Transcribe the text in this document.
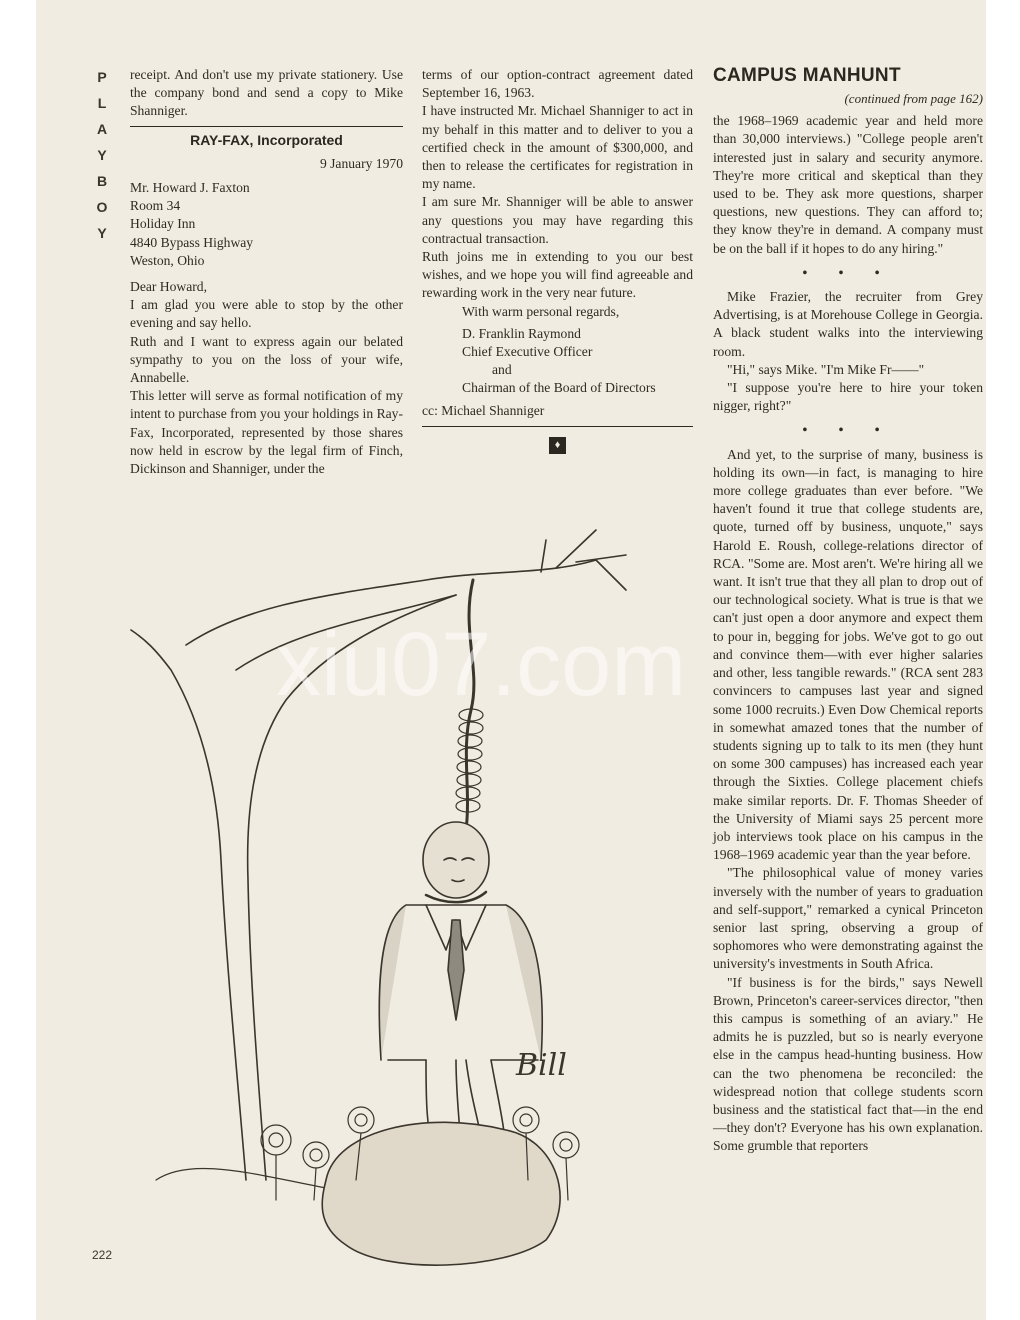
P
L
A
Y
B
O
Y

receipt. And don't use my private stationery. Use the company bond and send a copy to Mike Shanniger.

RAY-FAX, Incorporated
9 January 1970

Mr. Howard J. Faxton

Room 34

Holiday Inn

4840 Bypass Highway

Weston, Ohio

Dear Howard,

I am glad you were able to stop by the other evening and say hello.

Ruth and I want to express again our belated sympathy to you on the loss of your wife, Annabelle.

This letter will serve as formal notification of my intent to purchase from you your holdings in Ray-Fax, Incorporated, represented by those shares now held in escrow by the legal firm of Finch, Dickinson and Shanniger, under the

terms of our option-contract agreement dated September 16, 1963.

I have instructed Mr. Michael Shanniger to act in my behalf in this matter and to deliver to you a certified check in the amount of $300,000, and then to release the certificates for registration in my name.

I am sure Mr. Shanniger will be able to answer any questions you may have regarding this contractual transaction.

Ruth joins me in extending to you our best wishes, and we hope you will find agreeable and rewarding work in the very near future.

With warm personal regards,

D. Franklin Raymond

Chief Executive Officer

and

Chairman of the Board of Directors

cc: Michael Shanniger

♦
CAMPUS MANHUNT
(continued from page 162)

the 1968–1969 academic year and held more than 30,000 interviews.) "College people aren't interested just in salary and security anymore. They're more critical and skeptical than they used to be. They ask more questions, sharper questions, new questions. They can afford to; they know they're in demand. A company must be on the ball if it hopes to do any hiring."

• • •

Mike Frazier, the recruiter from Grey Advertising, is at Morehouse College in Georgia. A black student walks into the interviewing room.

"Hi," says Mike. "I'm Mike Fr——"

"I suppose you're here to hire your token nigger, right?"

• • •

And yet, to the surprise of many, business is holding its own—in fact, is managing to hire more college graduates than ever before. "We haven't found it true that college students are, quote, turned off by business, unquote," says Harold E. Roush, college-relations director of RCA. "Some are. Most aren't. We're hiring all we want. It isn't true that they all plan to drop out of our technological society. What is true is that we can't just open a door anymore and expect them to pour in, begging for jobs. We've got to go out and convince them—with ever higher salaries and other, less tangible rewards." (RCA sent 283 convincers to campuses last year and signed some 1000 recruits.) Even Dow Chemical reports in somewhat amazed tones that the number of students signing up to talk to its men (they hunt on some 300 campuses) has increased each year through the Sixties. College placement chiefs make similar reports. Dr. F. Thomas Sheeder of the University of Miami says 25 percent more job interviews took place on his campus in the 1968–1969 academic year than the year before.

"The philosophical value of money varies inversely with the number of years to graduation and self-support," remarked a cynical Princeton senior last spring, observing a group of sophomores who were demonstrating against the university's investments in South Africa.

"If business is for the birds," says Newell Brown, Princeton's career-services director, "then this campus is something of an aviary." He admits he is puzzled, but so is nearly everyone else in the campus head-hunting business. How can the two phenomena be reconciled: the widespread notion that college students scorn business and the statistical fact that—in the end—they don't? Everyone has his own explanation. Some grumble that reporters

Bill
xiu07.com
222
